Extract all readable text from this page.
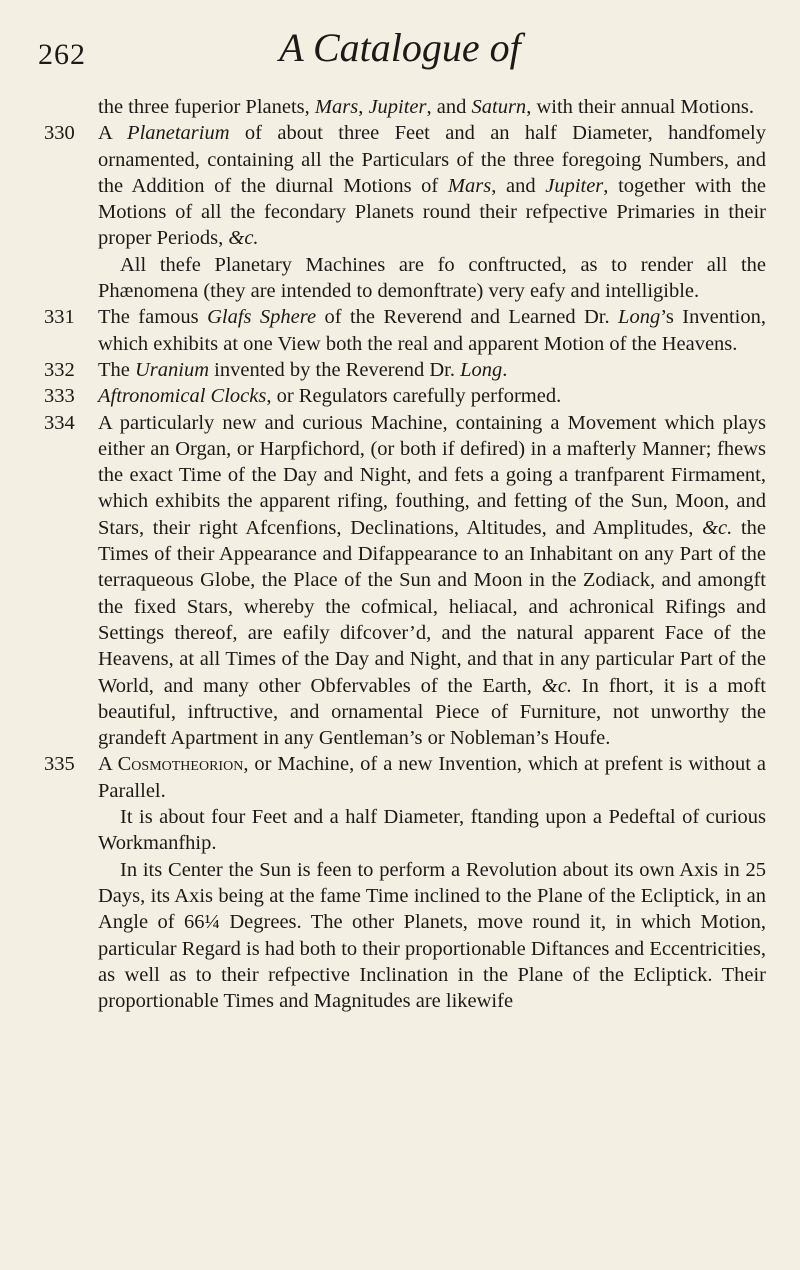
262	A Catalogue of

the three fuperior Planets, Mars, Jupiter, and Saturn, with their annual Motions.

330	A Planetarium of about three Feet and an half Diameter, handfomely ornamented, containing all the Particulars of the three foregoing Numbers, and the Addition of the diurnal Motions of Mars, and Jupiter, together with the Motions of all the fecondary Planets round their refpective Primaries in their proper Periods, &c.

All thefe Planetary Machines are fo conftructed, as to render all the Phænomena (they are intended to demonftrate) very eafy and intelligible.

331	The famous Glafs Sphere of the Reverend and Learned Dr. Long’s Invention, which exhibits at one View both the real and apparent Motion of the Heavens.

332	The Uranium invented by the Reverend Dr. Long.

333	Aftronomical Clocks, or Regulators carefully performed.

334	A particularly new and curious Machine, containing a Movement which plays either an Organ, or Harpfichord, (or both if defired) in a mafterly Manner; fhews the exact Time of the Day and Night, and fets a going a tranfparent Firmament, which exhibits the apparent rifing, fouthing, and fetting of the Sun, Moon, and Stars, their right Afcenfions, Declinations, Altitudes, and Amplitudes, &c. the Times of their Appearance and Difappearance to an Inhabitant on any Part of the terraqueous Globe, the Place of the Sun and Moon in the Zodiack, and amongft the fixed Stars, whereby the cofmical, heliacal, and achronical Rifings and Settings thereof, are eafily difcover’d, and the natural apparent Face of the Heavens, at all Times of the Day and Night, and that in any particular Part of the World, and many other Obfervables of the Earth, &c. In fhort, it is a moft beautiful, inftructive, and ornamental Piece of Furniture, not unworthy the grandeft Apartment in any Gentleman’s or Nobleman’s Houfe.

335	A Cosmotheorion, or Machine, of a new Invention, which at prefent is without a Parallel.

It is about four Feet and a half Diameter, ftanding upon a Pedeftal of curious Workmanfhip.

In its Center the Sun is feen to perform a Revolution about its own Axis in 25 Days, its Axis being at the fame Time inclined to the Plane of the Ecliptick, in an Angle of 66¼ Degrees. The other Planets, move round it, in which Motion, particular Regard is had both to their proportionable Diftances and Eccentricities, as well as to their refpective Inclination in the Plane of the Ecliptick. Their proportionable Times and Magnitudes are likewife
